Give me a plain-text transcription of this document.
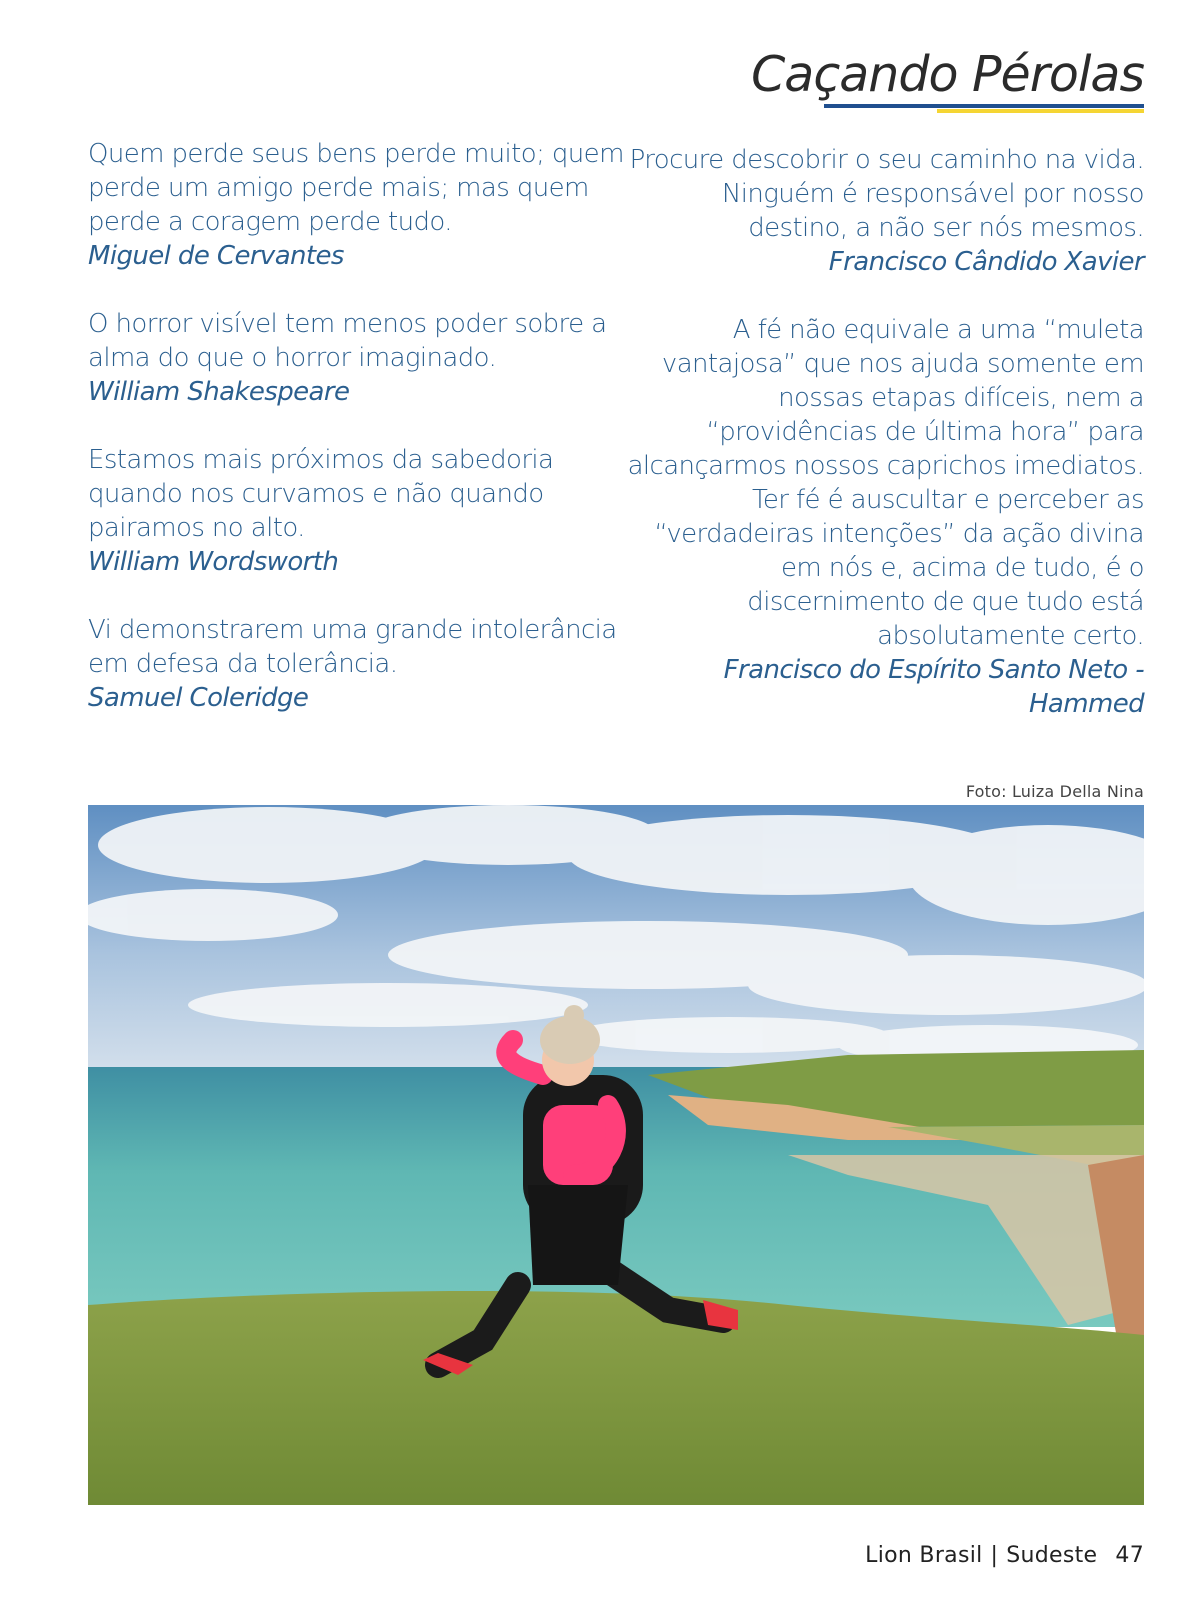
Caçando Pérolas
Quem perde seus bens perde muito; quem perde um amigo perde mais; mas quem perde a coragem perde tudo.
Miguel de Cervantes
O horror visível tem menos poder sobre a alma do que o horror imaginado.
William Shakespeare
Estamos mais próximos da sabedoria quando nos curvamos e não quando pairamos no alto.
William Wordsworth
Vi demonstrarem uma grande intolerância em defesa da tolerância.
Samuel Coleridge
Procure descobrir o seu caminho na vida. Ninguém é responsável por nosso destino, a não ser nós mesmos.
Francisco Cândido Xavier
A fé não equivale a uma “muleta vantajosa” que nos ajuda somente em nossas etapas difíceis, nem a “providências de última hora” para alcançarmos nossos caprichos imediatos. Ter fé é auscultar e perceber as “verdadeiras intenções” da ação divina em nós e, acima de tudo, é o discernimento de que tudo está absolutamente certo.
Francisco do Espírito Santo Neto - Hammed
Foto: Luiza Della Nina
Lion Brasil | Sudeste 47
